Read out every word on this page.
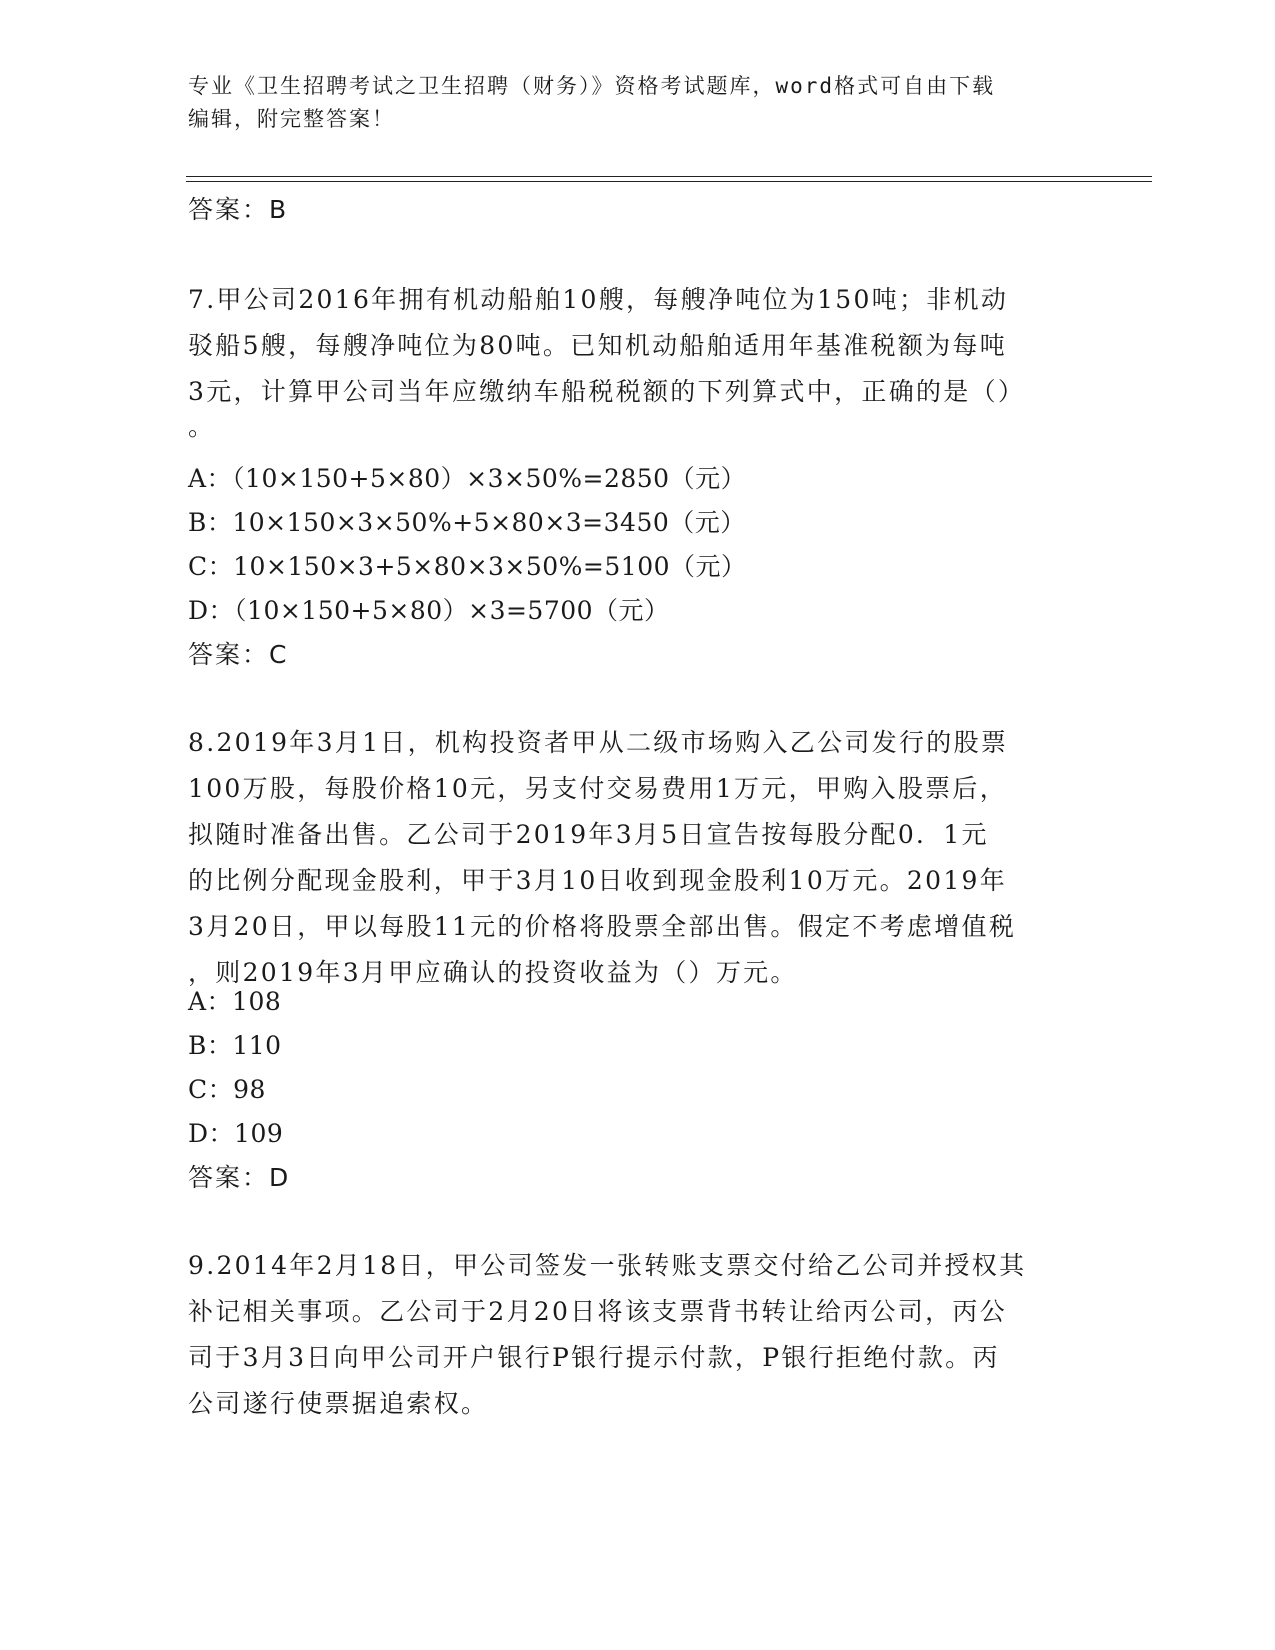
专业《卫生招聘考试之卫生招聘（财务）》资格考试题库，word格式可自由下载
编辑，附完整答案！
答案：B
7.甲公司2016年拥有机动船舶10艘，每艘净吨位为150吨；非机动
驳船5艘，每艘净吨位为80吨。已知机动船舶适用年基准税额为每吨
3元，计算甲公司当年应缴纳车船税税额的下列算式中，正确的是（）
。
A：（10×150+5×80）×3×50%=2850（元）
B：10×150×3×50%+5×80×3=3450（元）
C：10×150×3+5×80×3×50%=5100（元）
D：（10×150+5×80）×3=5700（元）
答案：C
8.2019年3月1日，机构投资者甲从二级市场购入乙公司发行的股票
100万股，每股价格10元，另支付交易费用1万元，甲购入股票后，
拟随时准备出售。乙公司于2019年3月5日宣告按每股分配0．1元
的比例分配现金股利，甲于3月10日收到现金股利10万元。2019年
3月20日，甲以每股11元的价格将股票全部出售。假定不考虑增值税
，则2019年3月甲应确认的投资收益为（）万元。
A：108
B：110
C：98
D：109
答案：D
9.2014年2月18日，甲公司签发一张转账支票交付给乙公司并授权其
补记相关事项。乙公司于2月20日将该支票背书转让给丙公司，丙公
司于3月3日向甲公司开户银行P银行提示付款，P银行拒绝付款。丙
公司遂行使票据追索权。
